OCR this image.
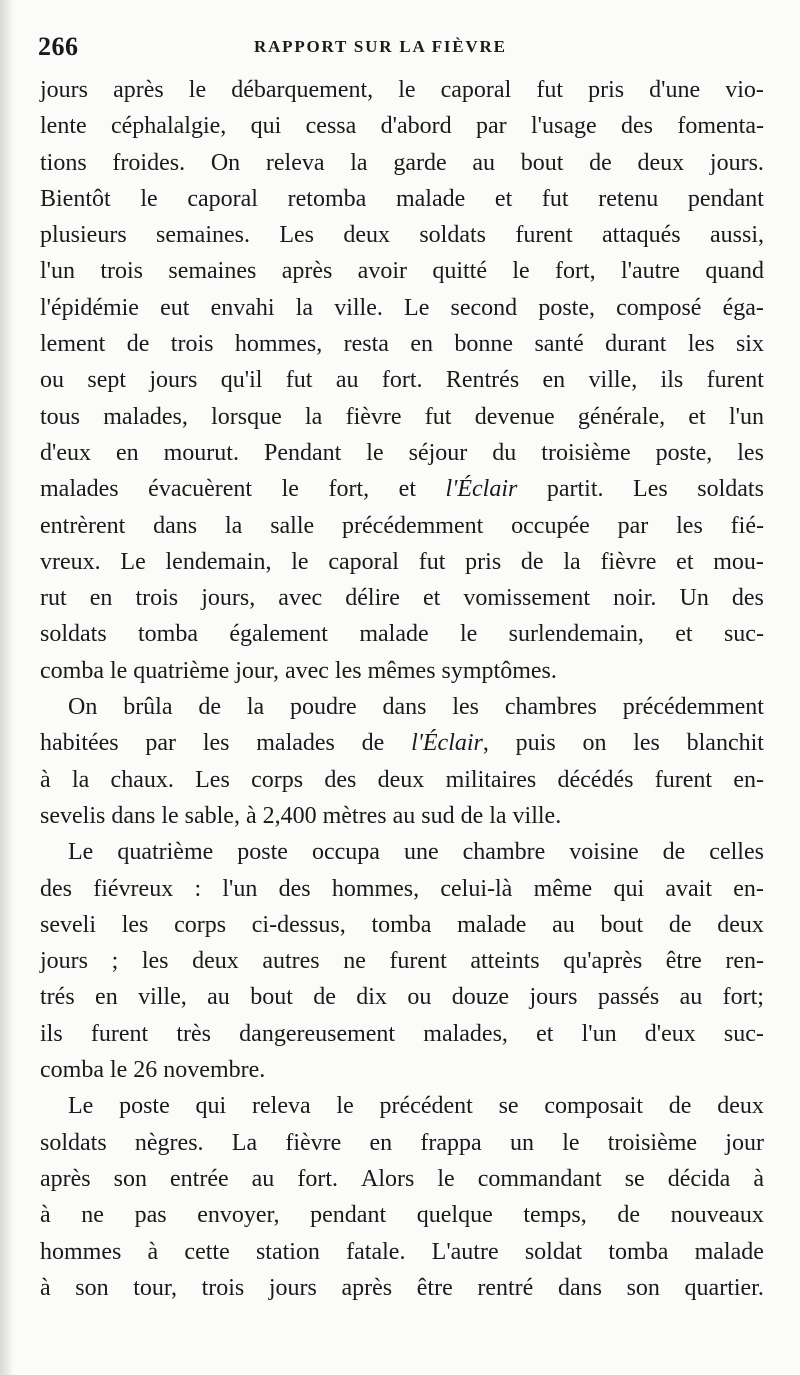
266	RAPPORT SUR LA FIÈVRE
jours après le débarquement, le caporal fut pris d'une vio-
lente céphalalgie, qui cessa d'abord par l'usage des fomenta-
tions froides. On releva la garde au bout de deux jours.
Bientôt le caporal retomba malade et fut retenu pendant
plusieurs semaines. Les deux soldats furent attaqués aussi,
l'un trois semaines après avoir quitté le fort, l'autre quand
l'épidémie eut envahi la ville. Le second poste, composé éga-
lement de trois hommes, resta en bonne santé durant les six
ou sept jours qu'il fut au fort. Rentrés en ville, ils furent
tous malades, lorsque la fièvre fut devenue générale, et l'un
d'eux en mourut. Pendant le séjour du troisième poste, les
malades évacuèrent le fort, et l'Éclair partit. Les soldats
entrèrent dans la salle précédemment occupée par les fié-
vreux. Le lendemain, le caporal fut pris de la fièvre et mou-
rut en trois jours, avec délire et vomissement noir. Un des
soldats tomba également malade le surlendemain, et suc-
comba le quatrième jour, avec les mêmes symptômes.
On brûla de la poudre dans les chambres précédemment
habitées par les malades de l'Éclair, puis on les blanchit
à la chaux. Les corps des deux militaires décédés furent en-
sevelis dans le sable, à 2,400 mètres au sud de la ville.
Le quatrième poste occupa une chambre voisine de celles
des fiévreux : l'un des hommes, celui-là même qui avait en-
seveli les corps ci-dessus, tomba malade au bout de deux
jours ; les deux autres ne furent atteints qu'après être ren-
trés en ville, au bout de dix ou douze jours passés au fort;
ils furent très dangereusement malades, et l'un d'eux suc-
comba le 26 novembre.
Le poste qui releva le précédent se composait de deux
soldats nègres. La fièvre en frappa un le troisième jour
après son entrée au fort. Alors le commandant se décida à
à ne pas envoyer, pendant quelque temps, de nouveaux
hommes à cette station fatale. L'autre soldat tomba malade
à son tour, trois jours après être rentré dans son quartier.
